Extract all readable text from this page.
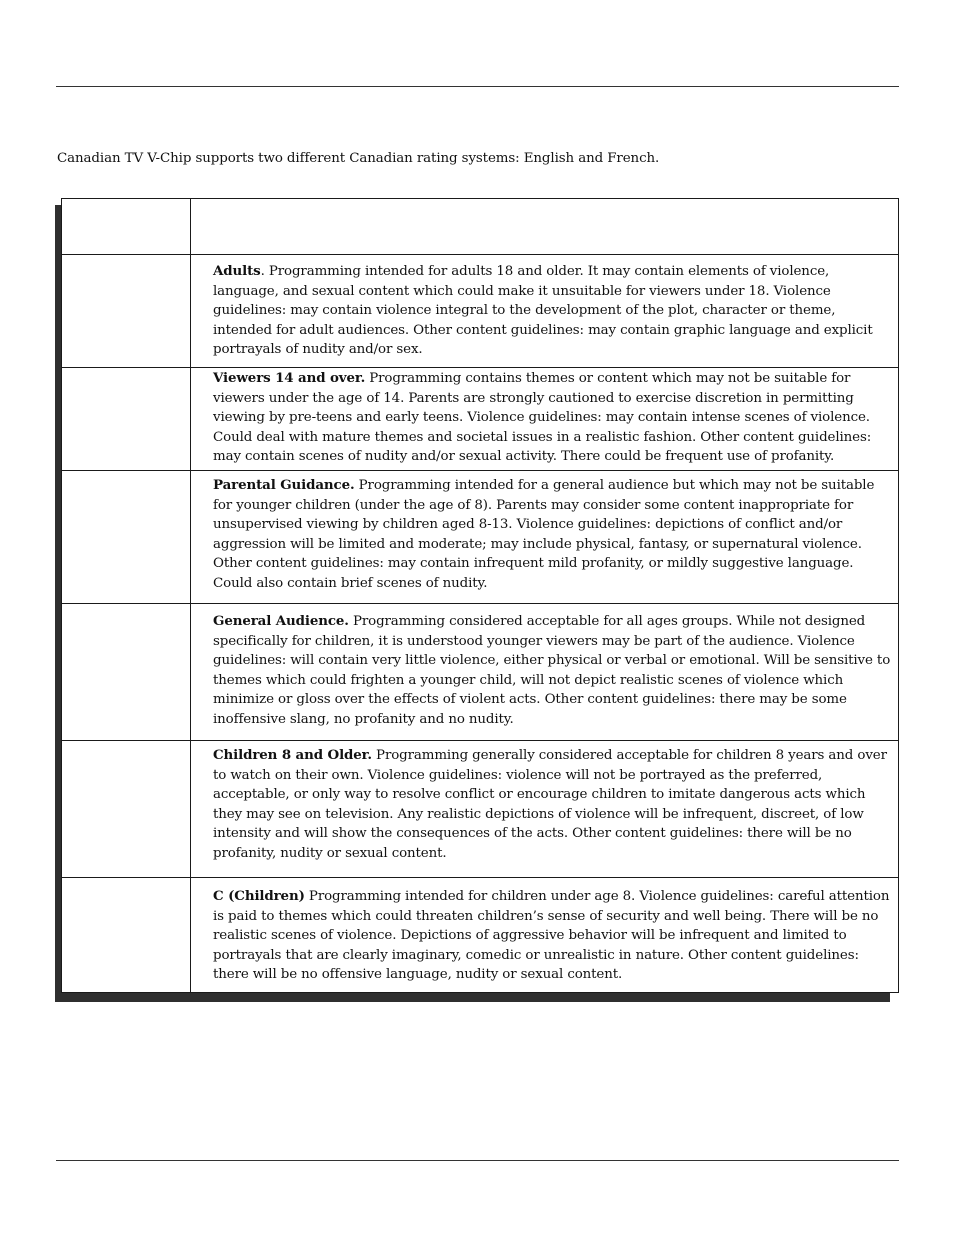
Canadian TV V-Chip supports two different Canadian rating systems: English and French.
Adults. Programming intended for adults 18 and older. It may contain elements of violence, language, and sexual content which could make it unsuitable for viewers under 18. Violence guidelines: may contain violence integral to the development of the plot, character or theme, intended for adult audiences. Other content guidelines: may contain graphic language and explicit portrayals of nudity and/or sex.
Viewers 14 and over. Programming contains themes or content which may not be suitable for viewers under the age of 14. Parents are strongly cautioned to exercise discretion in permitting viewing by pre-teens and early teens. Violence guidelines: may contain intense scenes of violence. Could deal with mature themes and societal issues in a realistic fashion. Other content guidelines: may contain scenes of nudity and/or sexual activity. There could be frequent use of profanity.
Parental Guidance. Programming intended for a general audience but which may not be suitable for younger children (under the age of 8). Parents may consider some content inappropriate for unsupervised viewing by children aged 8-13. Violence guidelines: depictions of conflict and/or aggression will be limited and moderate; may include physical, fantasy, or supernatural violence. Other content guidelines: may contain infrequent mild profanity, or mildly suggestive language. Could also contain brief scenes of nudity.
General Audience. Programming considered acceptable for all ages groups. While not designed specifically for children, it is understood younger viewers may be part of the audience. Violence guidelines: will contain very little violence, either physical or verbal or emotional. Will be sensitive to themes which could frighten a younger child, will not depict realistic scenes of violence which minimize or gloss over the effects of violent acts. Other content guidelines: there may be some inoffensive slang, no profanity and no nudity.
Children 8 and Older. Programming generally considered acceptable for children 8 years and over to watch on their own. Violence guidelines: violence will not be portrayed as the preferred, acceptable, or only way to resolve conflict or encourage children to imitate dangerous acts which they may see on television. Any realistic depictions of violence will be infrequent, discreet, of low intensity and will show the consequences of the acts. Other content guidelines: there will be no profanity, nudity or sexual content.
C (Children) Programming intended for children under age 8. Violence guidelines: careful attention is paid to themes which could threaten children’s sense of security and well being. There will be no realistic scenes of violence. Depictions of aggressive behavior will be infrequent and limited to portrayals that are clearly imaginary, comedic or unrealistic in nature. Other content guidelines: there will be no offensive language, nudity or sexual content.
